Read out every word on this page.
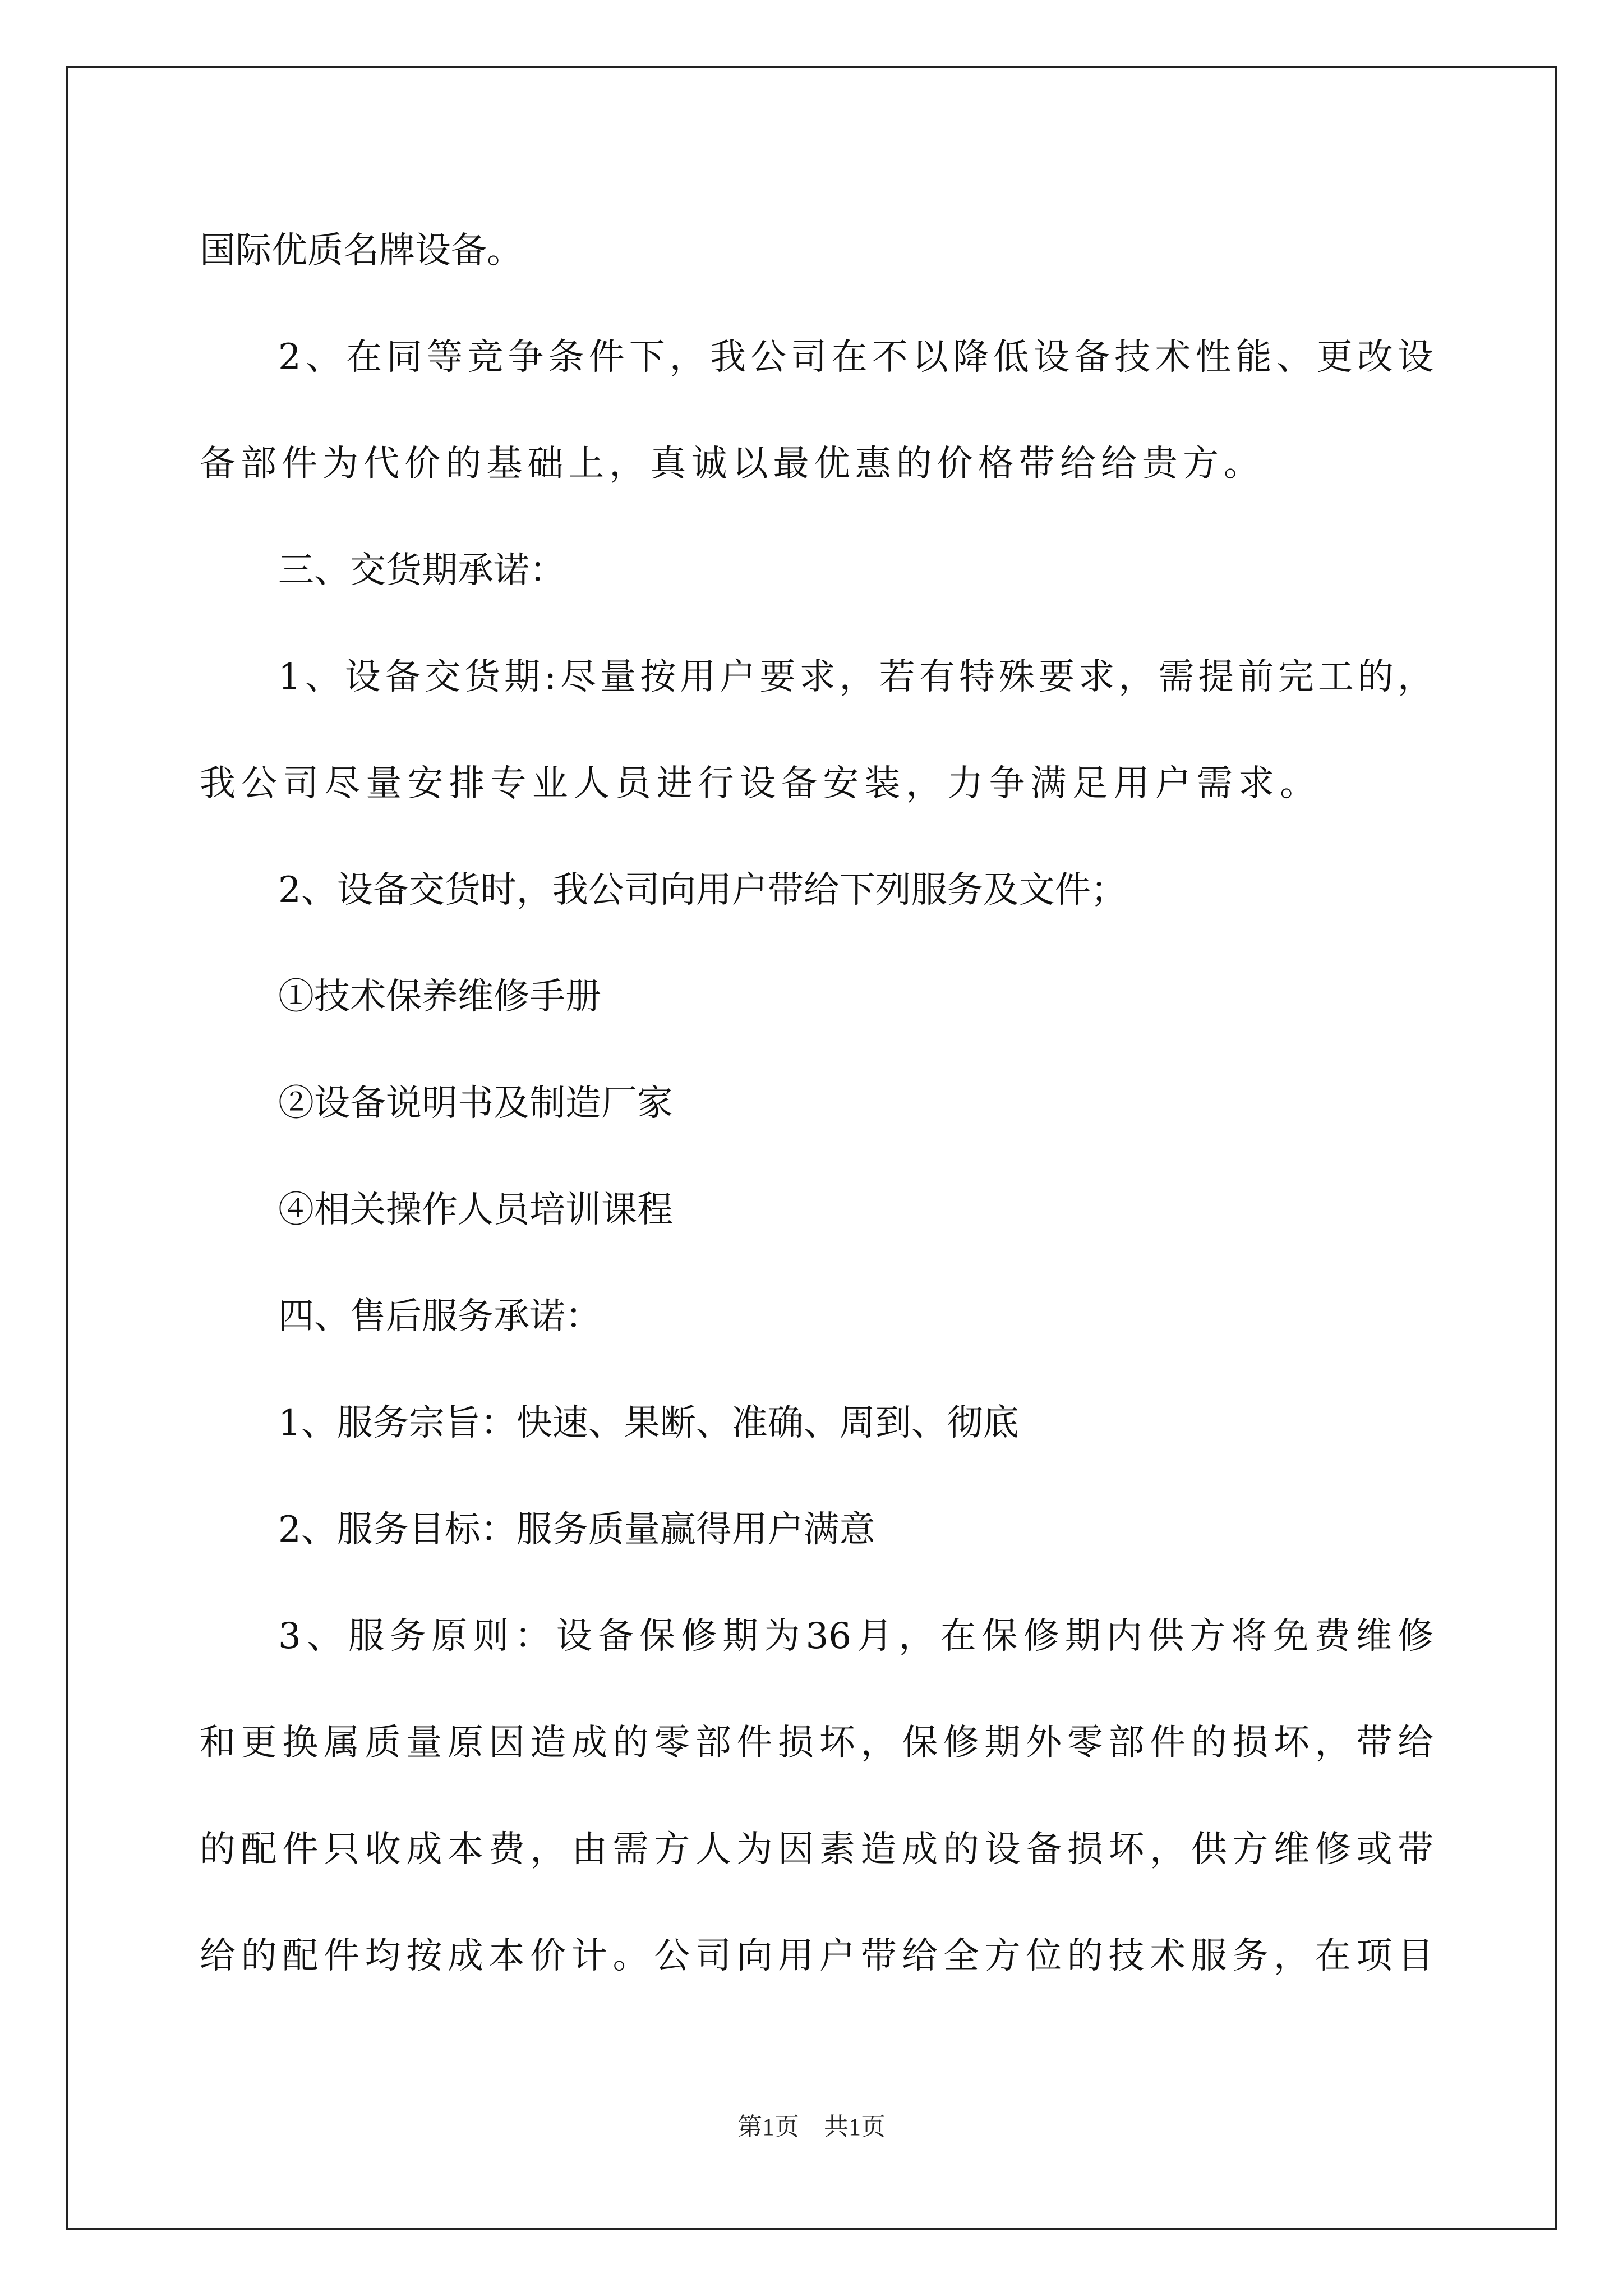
国际优质名牌设备。
2、在同等竞争条件下，我公司在不以降低设备技术性能、更改设
备部件为代价的基础上，真诚以最优惠的价格带给给贵方。
三、交货期承诺：
1、设备交货期:尽量按用户要求，若有特殊要求，需提前完工的，
我公司尽量安排专业人员进行设备安装，力争满足用户需求。
2、设备交货时，我公司向用户带给下列服务及文件；
①技术保养维修手册
②设备说明书及制造厂家
④相关操作人员培训课程
四、售后服务承诺：
1、服务宗旨：快速、果断、准确、周到、彻底
2、服务目标：服务质量赢得用户满意
3、服务原则：设备保修期为36月，在保修期内供方将免费维修
和更换属质量原因造成的零部件损坏，保修期外零部件的损坏，带给
的配件只收成本费，由需方人为因素造成的设备损坏，供方维修或带
给的配件均按成本价计。公司向用户带给全方位的技术服务，在项目
第1页　共1页
